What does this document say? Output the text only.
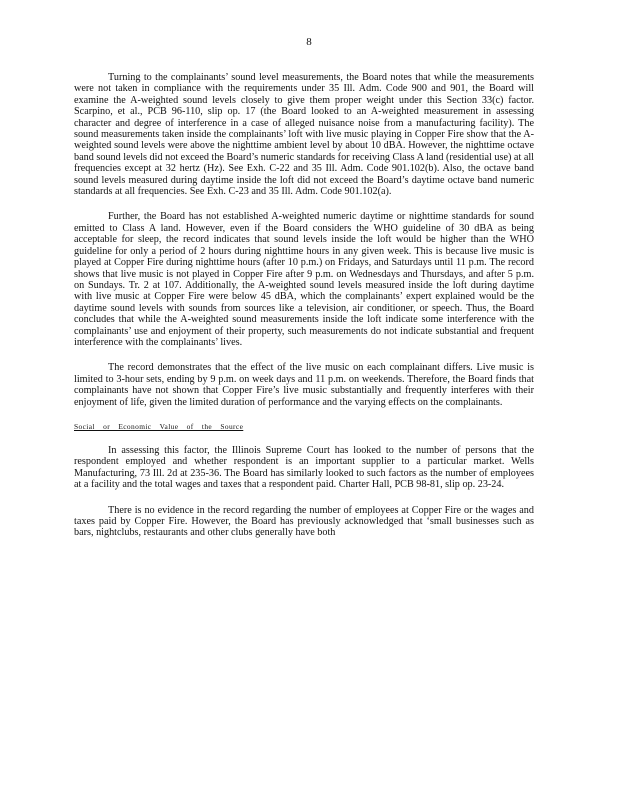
8

Turning to the complainants’ sound level measurements, the Board notes that while the measurements were not taken in compliance with the requirements under 35 Ill. Adm. Code 900 and 901, the Board will examine the A-weighted sound levels closely to give them proper weight under this Section 33(c) factor. Scarpino, et al., PCB 96-110, slip op. 17 (the Board looked to an A-weighted measurement in assessing character and degree of interference in a case of alleged nuisance noise from a manufacturing facility). The sound measurements taken inside the complainants’ loft with live music playing in Copper Fire show that the A-weighted sound levels were above the nighttime ambient level by about 10 dBA. However, the nighttime octave band sound levels did not exceed the Board’s numeric standards for receiving Class A land (residential use) at all frequencies except at 32 hertz (Hz). See Exh. C-22 and 35 Ill. Adm. Code 901.102(b). Also, the octave band sound levels measured during daytime inside the loft did not exceed the Board’s daytime octave band numeric standards at all frequencies. See Exh. C-23 and 35 Ill. Adm. Code 901.102(a).

Further, the Board has not established A-weighted numeric daytime or nighttime standards for sound emitted to Class A land. However, even if the Board considers the WHO guideline of 30 dBA as being acceptable for sleep, the record indicates that sound levels inside the loft would be higher than the WHO guideline for only a period of 2 hours during nighttime hours in any given week. This is because live music is played at Copper Fire during nighttime hours (after 10 p.m.) on Fridays, and Saturdays until 11 p.m. The record shows that live music is not played in Copper Fire after 9 p.m. on Wednesdays and Thursdays, and after 5 p.m. on Sundays. Tr. 2 at 107. Additionally, the A-weighted sound levels measured inside the loft during daytime with live music at Copper Fire were below 45 dBA, which the complainants’ expert explained would be the daytime sound levels with sounds from sources like a television, air conditioner, or speech. Thus, the Board concludes that while the A-weighted sound measurements inside the loft indicate some interference with the complainants’ use and enjoyment of their property, such measurements do not indicate substantial and frequent interference with the complainants’ lives.

The record demonstrates that the effect of the live music on each complainant differs. Live music is limited to 3-hour sets, ending by 9 p.m. on week days and 11 p.m. on weekends. Therefore, the Board finds that complainants have not shown that Copper Fire’s live music substantially and frequently interferes with their enjoyment of life, given the limited duration of performance and the varying effects on the complainants.

Social or Economic Value of the Source

In assessing this factor, the Illinois Supreme Court has looked to the number of persons that the respondent employed and whether respondent is an important supplier to a particular market. Wells Manufacturing, 73 Ill. 2d at 235-36. The Board has similarly looked to such factors as the number of employees at a facility and the total wages and taxes that a respondent paid. Charter Hall, PCB 98-81, slip op. 23-24.

There is no evidence in the record regarding the number of employees at Copper Fire or the wages and taxes paid by Copper Fire. However, the Board has previously acknowledged that ‘small businesses such as bars, nightclubs, restaurants and other clubs generally have both
